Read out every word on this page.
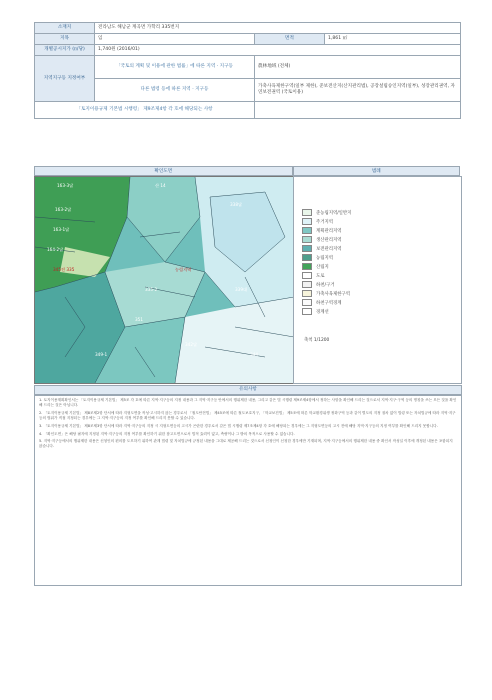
소재지	전라남도 해남군 계곡면 가학리 335번지		
지목	임	면적	1,861 ㎡
개별공시지가 (㎡당)	1,740원 (2016/01)		
지역지구등 지정여부	「국토의 계획 및 이용에 관한 법률」에 따른 지역 · 지구등	農林地域 (전체)	
	다른 법령 등에 따른 지역 · 지구등	가축사육제한구역(일부 제한), 준보전산지(산지관리법), 공장설립승인지역(일부), 성장관리권역, 자연보전권역 (국토이용)	
「토지이용규제 기본법 시행령」 제9조제4항 각 호에 해당되는 사항			
확인도면	범례
163-3답	산 14
163-2답
163-1답
164-2답
345전 335	농림지역
338답
335-2	339대
342답
344
349-1
351
준농림지역/일반지
주거지역
계획관리지역
생산관리지역
보전관리지역
농림지역
산림지
도로
하천/구거
가축사육제한구역
하천구역경계
경계선
축척 1/1200
유의사항

1. 토지이용계획확인서는 「토지이용규제 기본법」 제5조 각 호에 따른 지역·지구등의 지정 내용과 그 지역·지구등 안에서의 행위제한 내용, 그리고 같은 법 시행령 제9조제4항에서 정하는 사항을 확인해 드리는 것으로서 지역·지구·구역 등의 명칭을 쓰는 모든 것을 확인해 드리는 것은 아닙니다.

2. 「토지이용규제 기본법」 제8조제2항 단서에 따라 지형도면을 작성·고시하지 않는 경우로서 「철도안전법」 제45조에 따른 철도보호지구, 「학교보건법」 제5조에 따른 학교환경위생 정화구역 등과 같이 별도의 지정 절차 없이 법령 또는 자치법규에 따라 지역·지구등의 범위가 직접 지정되는 경우에는 그 지역·지구등의 지정 여부를 확인해 드리지 못할 수 있습니다.

3. 「토지이용규제 기본법」 제8조제3항 단서에 따라 지역·지구등의 지정 시 지형도면등의 고시가 곤란한 경우로서 같은 법 시행령 제7조제4항 각 호에 해당되는 경우에는 그 지형도면등의 고시 전에 해당 지역·지구등의 지정 여부를 확인해 드리지 못합니다.

4. 「확인도면」은 해당 필지에 지정된 지역·지구등의 지정 여부를 확인하기 위한 참고도면으로서 법적 효력이 없고, 측량이나 그 밖의 목적으로 사용할 수 없습니다.

5. 지역·지구등에서의 행위제한 내용은 신청인의 편의를 도모하기 위하여 관계 법령 및 자치법규에 규정된 내용을 그대로 제공해 드리는 것으로서 신청인이 신청한 경우에만 기재되며, 지역·지구등에서의 행위제한 내용 중 확인서 작성일 이후에 개정된 내용은 포함되지 않습니다.
